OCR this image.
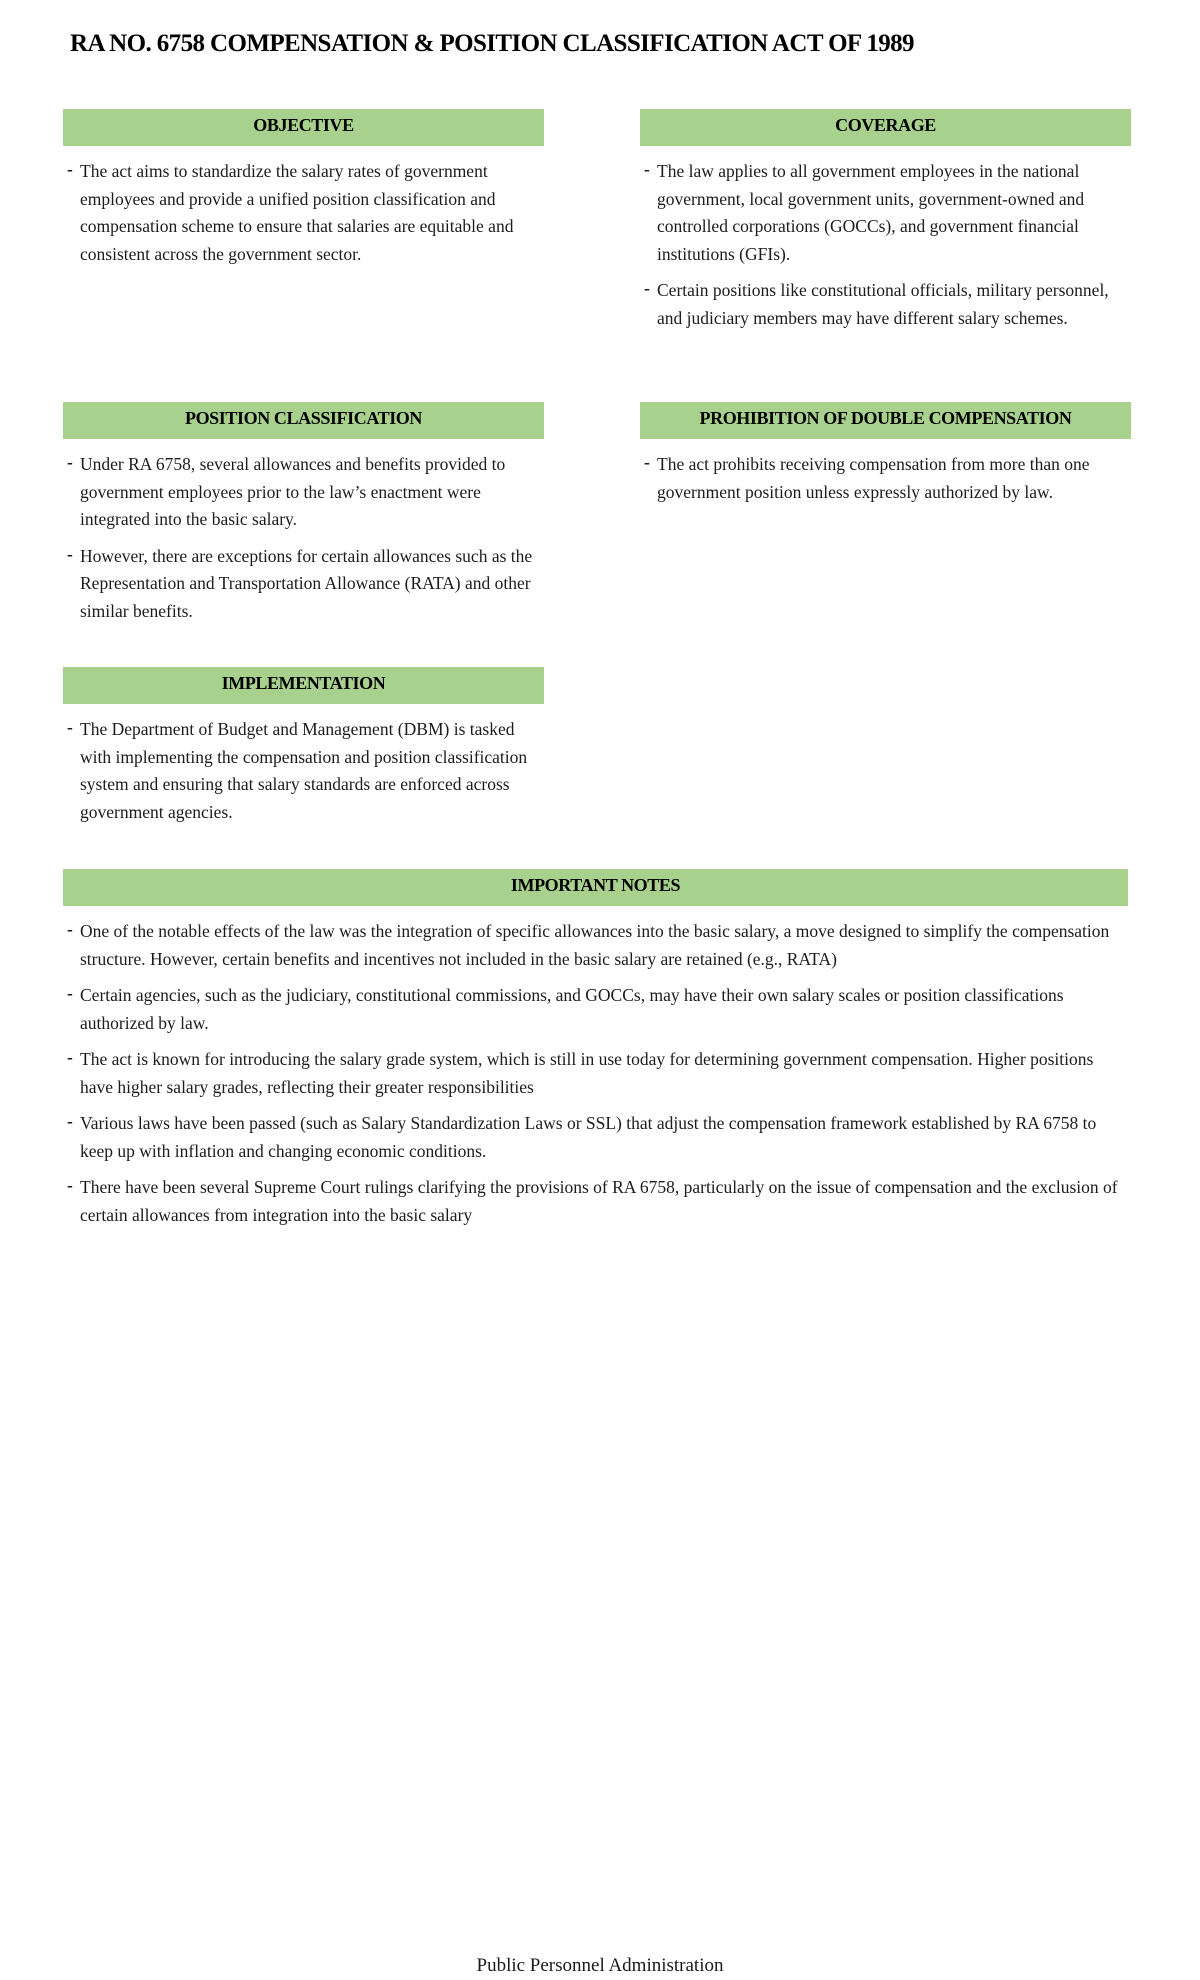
RA NO. 6758 COMPENSATION & POSITION CLASSIFICATION ACT OF 1989
OBJECTIVE
- The act aims to standardize the salary rates of government employees and provide a unified position classification and compensation scheme to ensure that salaries are equitable and consistent across the government sector.
COVERAGE
- The law applies to all government employees in the national government, local government units, government-owned and controlled corporations (GOCCs), and government financial institutions (GFIs).
- Certain positions like constitutional officials, military personnel, and judiciary members may have different salary schemes.
POSITION CLASSIFICATION
- Under RA 6758, several allowances and benefits provided to government employees prior to the law’s enactment were integrated into the basic salary.
- However, there are exceptions for certain allowances such as the Representation and Transportation Allowance (RATA) and other similar benefits.
PROHIBITION OF DOUBLE COMPENSATION
- The act prohibits receiving compensation from more than one government position unless expressly authorized by law.
IMPLEMENTATION
- The Department of Budget and Management (DBM) is tasked with implementing the compensation and position classification system and ensuring that salary standards are enforced across government agencies.
IMPORTANT NOTES
- One of the notable effects of the law was the integration of specific allowances into the basic salary, a move designed to simplify the compensation structure. However, certain benefits and incentives not included in the basic salary are retained (e.g., RATA)
- Certain agencies, such as the judiciary, constitutional commissions, and GOCCs, may have their own salary scales or position classifications authorized by law.
- The act is known for introducing the salary grade system, which is still in use today for determining government compensation. Higher positions have higher salary grades, reflecting their greater responsibilities
- Various laws have been passed (such as Salary Standardization Laws or SSL) that adjust the compensation framework established by RA 6758 to keep up with inflation and changing economic conditions.
- There have been several Supreme Court rulings clarifying the provisions of RA 6758, particularly on the issue of compensation and the exclusion of certain allowances from integration into the basic salary
Public Personnel Administration
